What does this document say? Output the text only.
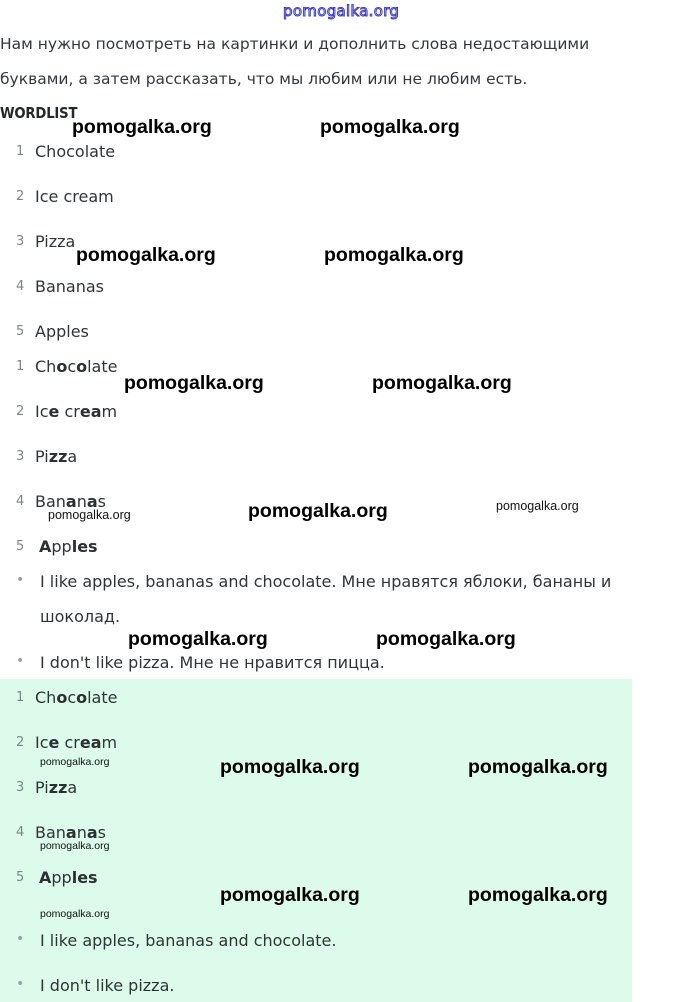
pomogalka.org
Нам нужно посмотреть на картинки и дополнить слова недостающими
буквами, а затем рассказать, что мы любим или не любим есть.
WORDLIST
1 Chocolate
2 Ice cream
3 Pizza
4 Bananas
5 Apples
1 Chocolate
2 Ice cream
3 Pizza
4 Bananas
5 Apples
• I like apples, bananas and chocolate. Мне нравятся яблоки, бананы и
шоколад.
• I don't like pizza. Мне не нравится пицца.
1 Chocolate
2 Ice cream
3 Pizza
4 Bananas
5 Apples
• I like apples, bananas and chocolate.
• I don't like pizza.
pomogalka.org	pomogalka.org
pomogalka.org	pomogalka.org
pomogalka.org	pomogalka.org
pomogalka.org	pomogalka.org	pomogalka.org
pomogalka.org	pomogalka.org
pomogalka.org	pomogalka.org	pomogalka.org
pomogalka.org
pomogalka.org	pomogalka.org
pomogalka.org
